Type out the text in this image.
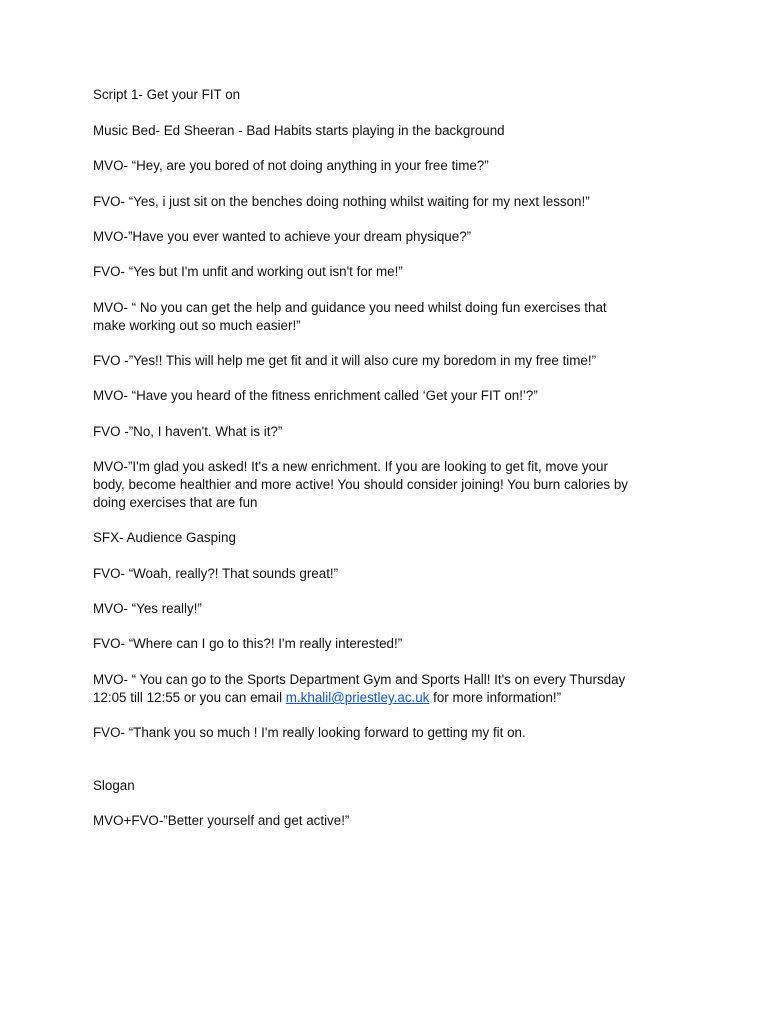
Script 1- Get your FIT on
Music Bed- Ed Sheeran - Bad Habits starts playing in the background
MVO- “Hey, are you bored of not doing anything in your free time?”
FVO- “Yes, i just sit on the benches doing nothing whilst waiting for my next lesson!”
MVO-”Have you ever wanted to achieve your dream physique?”
FVO- “Yes but I'm unfit and working out isn't for me!”
MVO- “ No you can get the help and guidance you need whilst doing fun exercises that
make working out so much easier!”
FVO -”Yes!! This will help me get fit and it will also cure my boredom in my free time!”
MVO- “Have you heard of the fitness enrichment called ‘Get your FIT on!’?”
FVO -”No, I haven't. What is it?”
MVO-”I'm glad you asked! It's a new enrichment. If you are looking to get fit, move your
body, become healthier and more active! You should consider joining! You burn calories by
doing exercises that are fun
SFX- Audience Gasping
FVO- “Woah, really?! That sounds great!”
MVO- “Yes really!”
FVO- “Where can I go to this?! I'm really interested!”
MVO- “ You can go to the Sports Department Gym and Sports Hall! It's on every Thursday
12:05 till 12:55 or you can email m.khalil@priestley.ac.uk for more information!”
FVO- “Thank you so much ! I'm really looking forward to getting my fit on.
Slogan
MVO+FVO-”Better yourself and get active!”
